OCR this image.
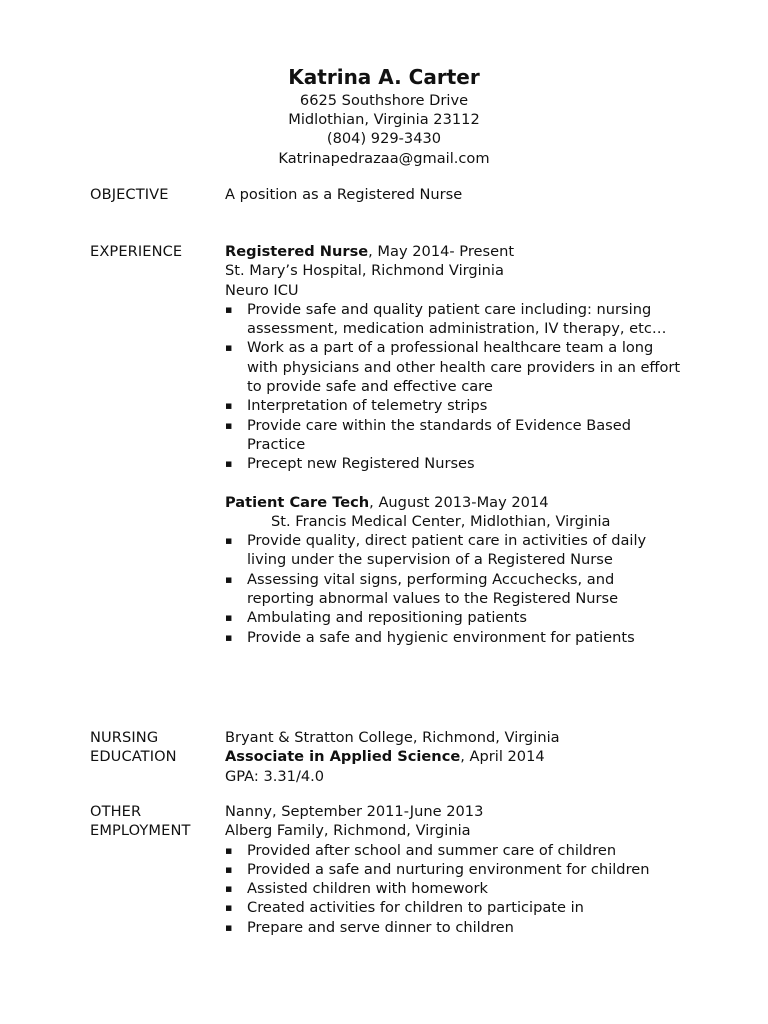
Katrina A. Carter
6625 Southshore Drive
Midlothian, Virginia 23112
(804) 929-3430
Katrinapedrazaa@gmail.com
OBJECTIVE	A position as a Registered Nurse
EXPERIENCE	Registered Nurse, May 2014- Present
St. Mary’s Hospital, Richmond Virginia
Neuro ICU
▪ Provide safe and quality patient care including: nursing assessment, medication administration, IV therapy, etc…
▪ Work as a part of a professional healthcare team a long with physicians and other health care providers in an effort to provide safe and effective care
▪ Interpretation of telemetry strips
▪ Provide care within the standards of Evidence Based Practice
▪ Precept new Registered Nurses
Patient Care Tech, August 2013-May 2014
St. Francis Medical Center, Midlothian, Virginia
▪ Provide quality, direct patient care in activities of daily living under the supervision of a Registered Nurse
▪ Assessing vital signs, performing Accuchecks, and reporting abnormal values to the Registered Nurse
▪ Ambulating and repositioning patients
▪ Provide a safe and hygienic environment for patients
NURSING
EDUCATION
Bryant & Stratton College, Richmond, Virginia
Associate in Applied Science, April 2014
GPA: 3.31/4.0
OTHER
EMPLOYMENT
Nanny, September 2011-June 2013
Alberg Family, Richmond, Virginia
▪ Provided after school and summer care of children
▪ Provided a safe and nurturing environment for children
▪ Assisted children with homework
▪ Created activities for children to participate in
▪ Prepare and serve dinner to children
